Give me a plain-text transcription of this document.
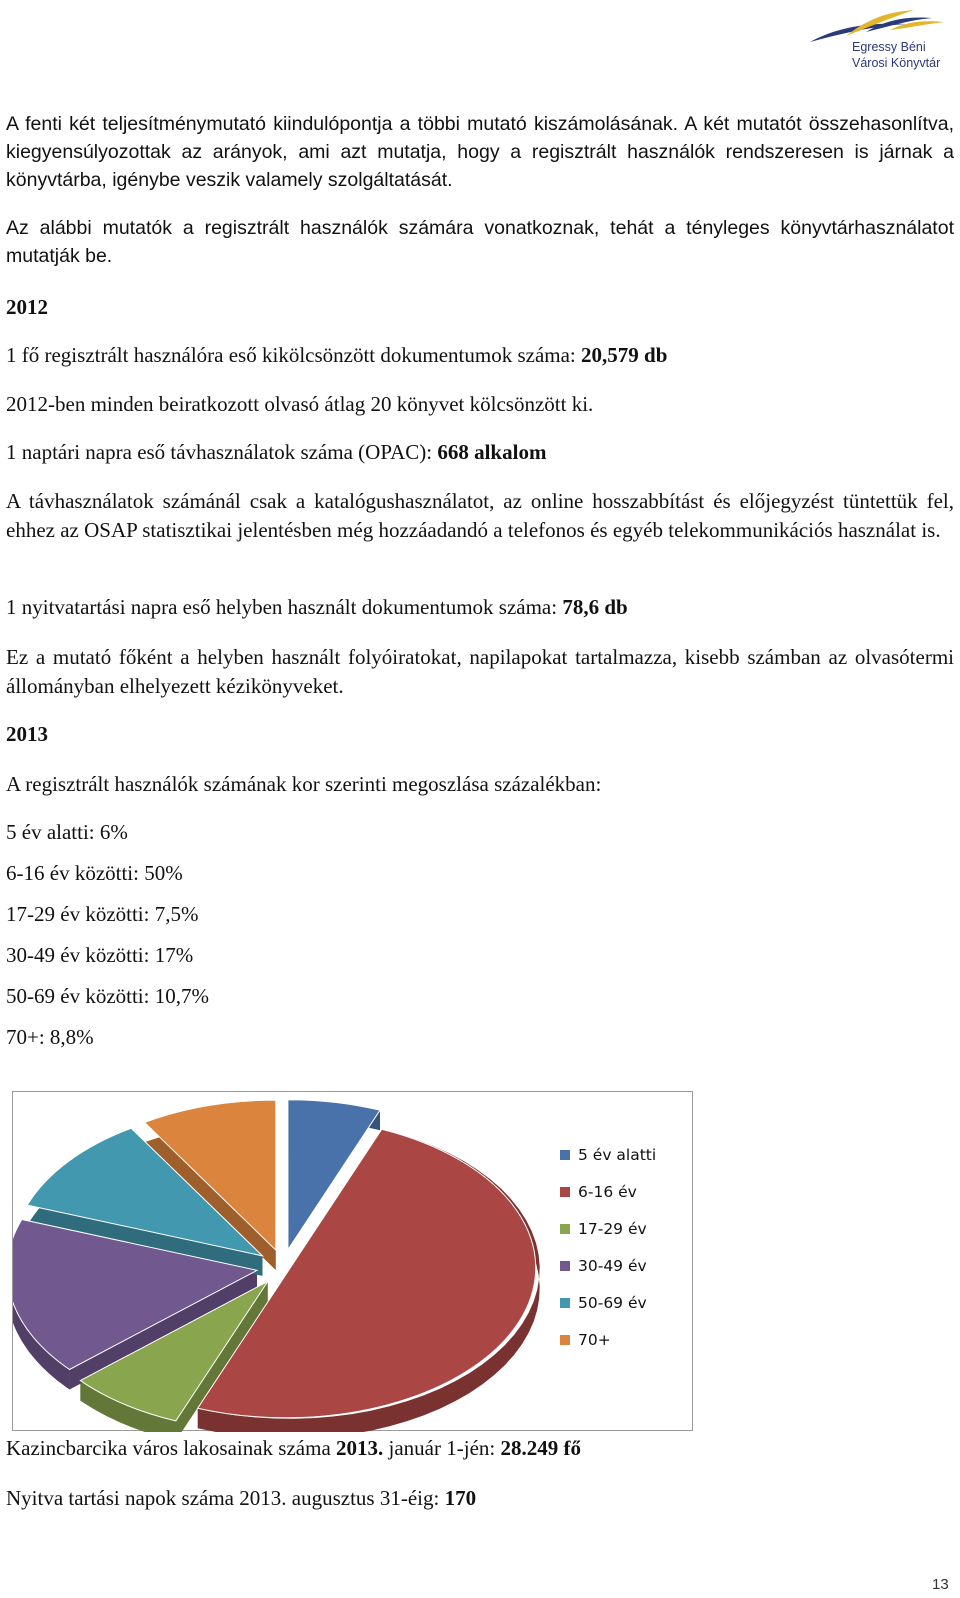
Egressy Béni
Városi Könyvtár
A fenti két teljesítménymutató kiindulópontja a többi mutató kiszámolásának. A két mutatót összehasonlítva, kiegyensúlyozottak az arányok, ami azt mutatja, hogy a regisztrált használók rendszeresen is járnak a könyvtárba, igénybe veszik valamely szolgáltatását.
Az alábbi mutatók a regisztrált használók számára vonatkoznak, tehát a tényleges könyvtárhasználatot mutatják be.
2012
1 fő regisztrált használóra eső kikölcsönzött dokumentumok száma: 20,579 db
2012-ben minden beiratkozott olvasó átlag 20 könyvet kölcsönzött ki.
1 naptári napra eső távhasználatok száma (OPAC): 668 alkalom
A távhasználatok számánál csak a katalógushasználatot, az online hosszabbítást és előjegyzést tüntettük fel, ehhez az OSAP statisztikai jelentésben még hozzáadandó a telefonos és egyéb telekommunikációs használat is.
1 nyitvatartási napra eső helyben használt dokumentumok száma: 78,6 db
Ez a mutató főként a helyben használt folyóiratokat, napilapokat tartalmazza, kisebb számban az olvasótermi állományban elhelyezett kézikönyveket.
2013
A regisztrált használók számának kor szerinti megoszlása százalékban:
5 év alatti: 6%
6-16 év közötti: 50%
17-29 év közötti: 7,5%
30-49 év közötti: 17%
50-69 év közötti: 10,7%
70+: 8,8%
5 év alatti
6-16 év
17-29 év
30-49 év
50-69 év
70+
Kazincbarcika város lakosainak száma 2013. január 1-jén: 28.249 fő
Nyitva tartási napok száma 2013. augusztus 31-éig: 170
13
